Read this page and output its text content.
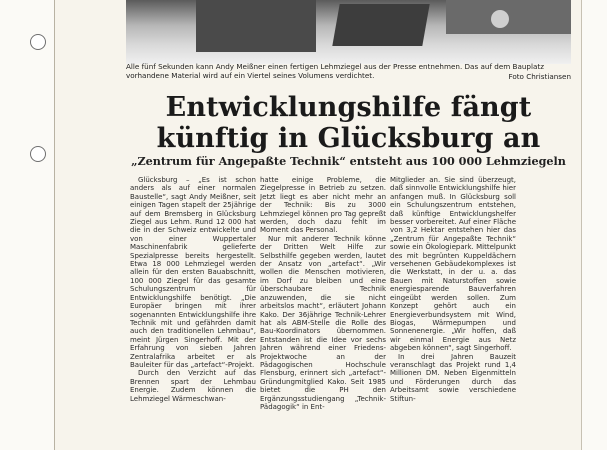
Alle fünf Sekunden kann Andy Meißner einen fertigen Lehmziegel aus der Presse entnehmen. Das auf dem Bauplatz vorhandene Material wird auf ein Viertel seines Volumens verdichtet.	Foto Christiansen
Entwicklungshilfe fängt
künftig in Glücksburg an
„Zentrum für Angepaßte Technik“ entsteht aus 100 000 Lehmziegeln

Glücksburg – „Es ist schon anders als auf einer normalen Baustelle“, sagt Andy Meißner, seit einigen Tagen stapelt der 25jährige auf dem Bremsberg in Glücksburg Ziegel aus Lehm. Rund 12 000 hat die in der Schweiz entwickelte und von einer Wuppertaler Maschinenfabrik gelieferte Spezialpresse bereits hergestellt. Etwa 18 000 Lehmziegel werden allein für den ersten Bauabschnitt, 100 000 Ziegel für das gesamte Schulungszentrum für Entwicklungshilfe benötigt. „Die Europäer bringen mit ihrer sogenannten Entwicklungshilfe ihre Technik mit und gefährden damit auch den traditionellen Lehmbau“, meint Jürgen Singerhoff. Mit der Erfahrung von sieben Jahren Zentralafrika arbeitet er als Bauleiter für das „artefact“-Projekt.

Durch den Verzicht auf das Brennen spart der Lehmbau Energie. Zudem können die Lehmziegel Wärmeschwan-

hatte einige Probleme, die Ziegelpresse in Betrieb zu setzen. Jetzt liegt es aber nicht mehr an der Technik: Bis zu 3000 Lehmziegel können pro Tag gepreßt werden, doch dazu fehlt im Moment das Personal.

Nur mit anderer Technik könne der Dritten Welt Hilfe zur Selbsthilfe gegeben werden, lautet der Ansatz von „artefact“. „Wir wollen die Menschen motivieren, im Dorf zu bleiben und eine überschaubare Technik anzuwenden, die sie nicht arbeitslos macht“, erläutert Johann Kako. Der 36jährige Technik-Lehrer hat als ABM-Stelle die Rolle des Bau-Koordinators übernommen. Entstanden ist die Idee vor sechs Jahren während einer Friedens-Projektwoche an der Pädagogischen Hochschule Flensburg, erinnert sich „artefact“-Gründungmitglied Kako. Seit 1985 bietet die PH den Ergänzungsstudiengang „Technik-Pädagogik“ in Ent-

Mitglieder an. Sie sind überzeugt, daß sinnvolle Entwicklungshilfe hier anfangen muß. In Glücksburg soll ein Schulungszentrum entstehen, daß künftige Entwicklungshelfer besser vorbereitet. Auf einer Fläche von 3,2 Hektar entstehen hier das „Zentrum für Angepaßte Technik“ sowie ein Ökologiepark. Mittelpunkt des mit begrünten Kuppeldächern versehenen Gebäudekomplexes ist die Werkstatt, in der u. a. das Bauen mit Naturstoffen sowie energiesparende Bauverfahren eingeübt werden sollen. Zum Konzept gehört auch ein Energieverbundsystem mit Wind, Biogas, Wärmepumpen und Sonnenenergie. „Wir hoffen, daß wir einmal Energie aus Netz abgeben können“, sagt Singerhoff.

In drei Jahren Bauzeit veranschlagt das Projekt rund 1,4 Millionen DM. Neben Eigenmitteln und Förderungen durch das Arbeitsamt sowie verschiedene Stiftun-
